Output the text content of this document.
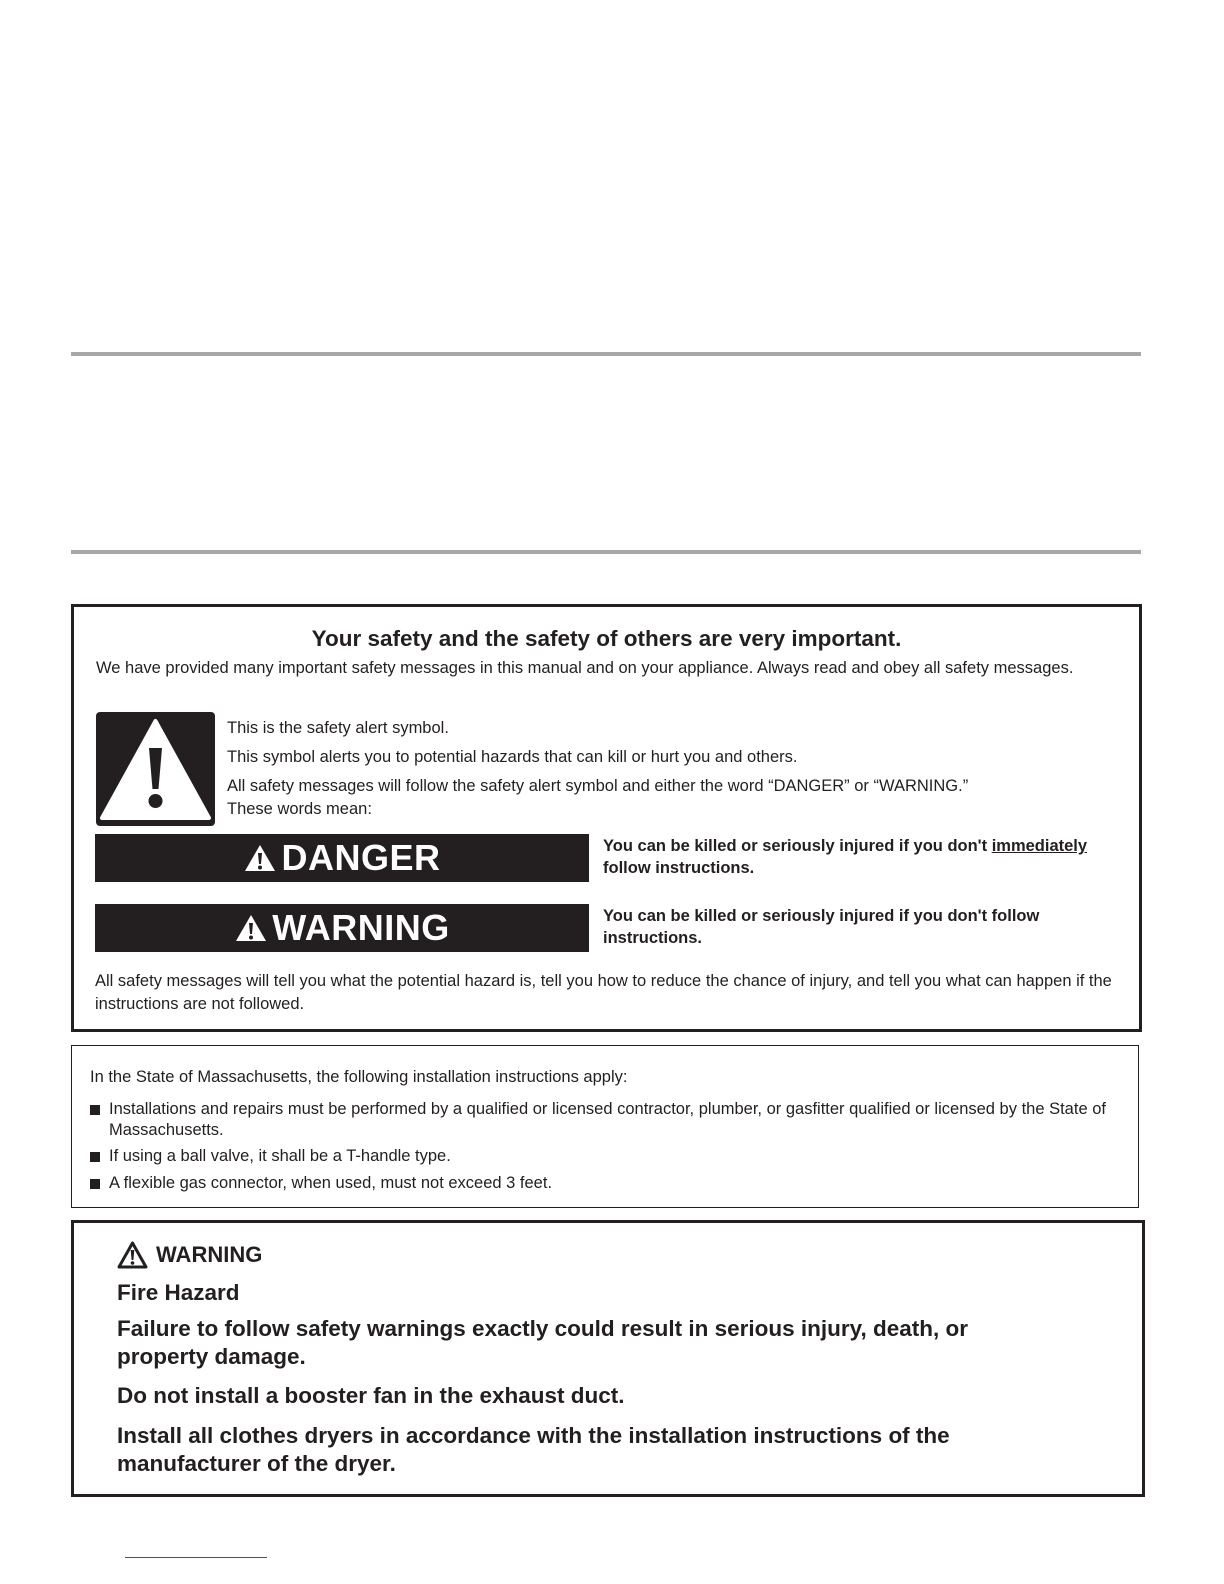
Your safety and the safety of others are very important.
We have provided many important safety messages in this manual and on your appliance. Always read and obey all safety messages.
This is the safety alert symbol.
This symbol alerts you to potential hazards that can kill or hurt you and others.
All safety messages will follow the safety alert symbol and either the word “DANGER” or “WARNING.”
These words mean:
DANGER	You can be killed or seriously injured if you don't immediately
follow instructions.
WARNING	You can be killed or seriously injured if you don't follow instructions.
All safety messages will tell you what the potential hazard is, tell you how to reduce the chance of injury, and tell you what can happen if the instructions are not followed.
In the State of Massachusetts, the following installation instructions apply:
Installations and repairs must be performed by a qualified or licensed contractor, plumber, or gasfitter qualified or licensed by the State of Massachusetts.
If using a ball valve, it shall be a T-handle type.
A flexible gas connector, when used, must not exceed 3 feet.
WARNING
Fire Hazard
Failure to follow safety warnings exactly could result in serious injury, death, or property damage.
Do not install a booster fan in the exhaust duct.
Install all clothes dryers in accordance with the installation instructions of the manufacturer of the dryer.
